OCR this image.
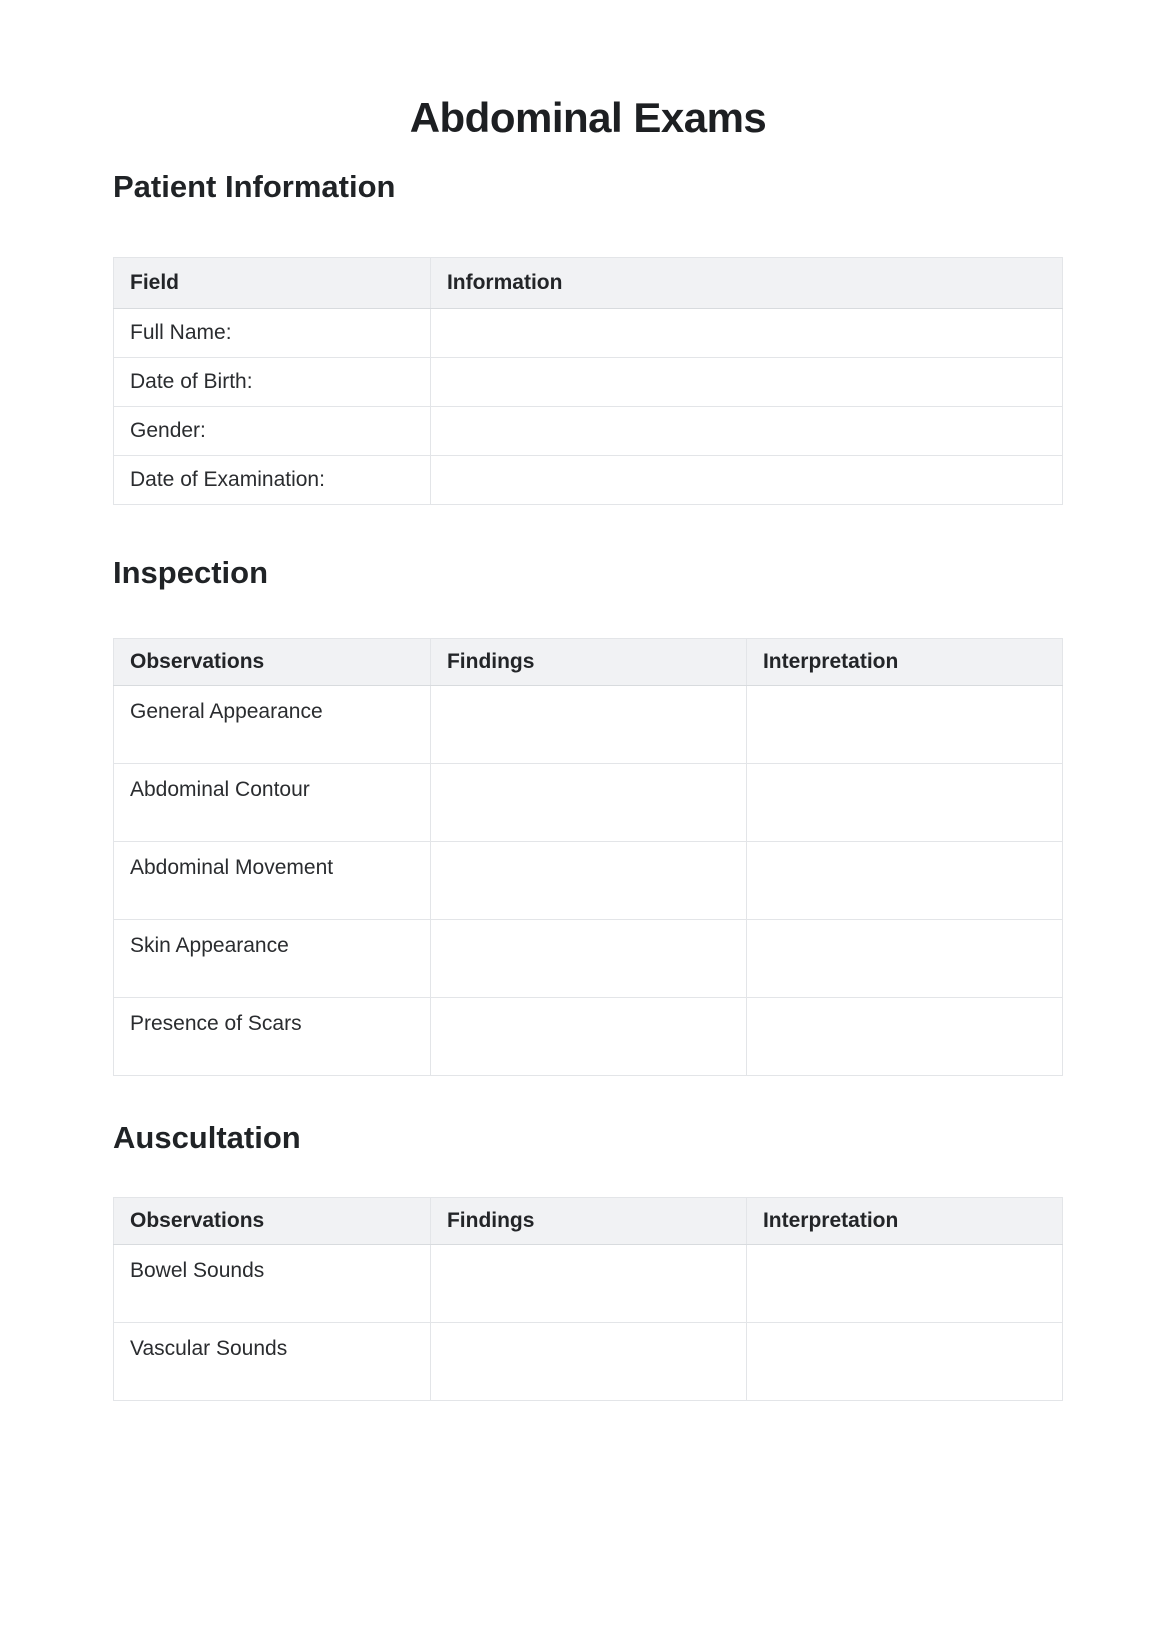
Abdominal Exams
Patient Information
Field	Information
Full Name:	
Date of Birth:	
Gender:	
Date of Examination:	
Inspection
Observations	Findings	Interpretation
General Appearance		
Abdominal Contour		
Abdominal Movement		
Skin Appearance		
Presence of Scars		
Auscultation
Observations	Findings	Interpretation
Bowel Sounds		
Vascular Sounds		
